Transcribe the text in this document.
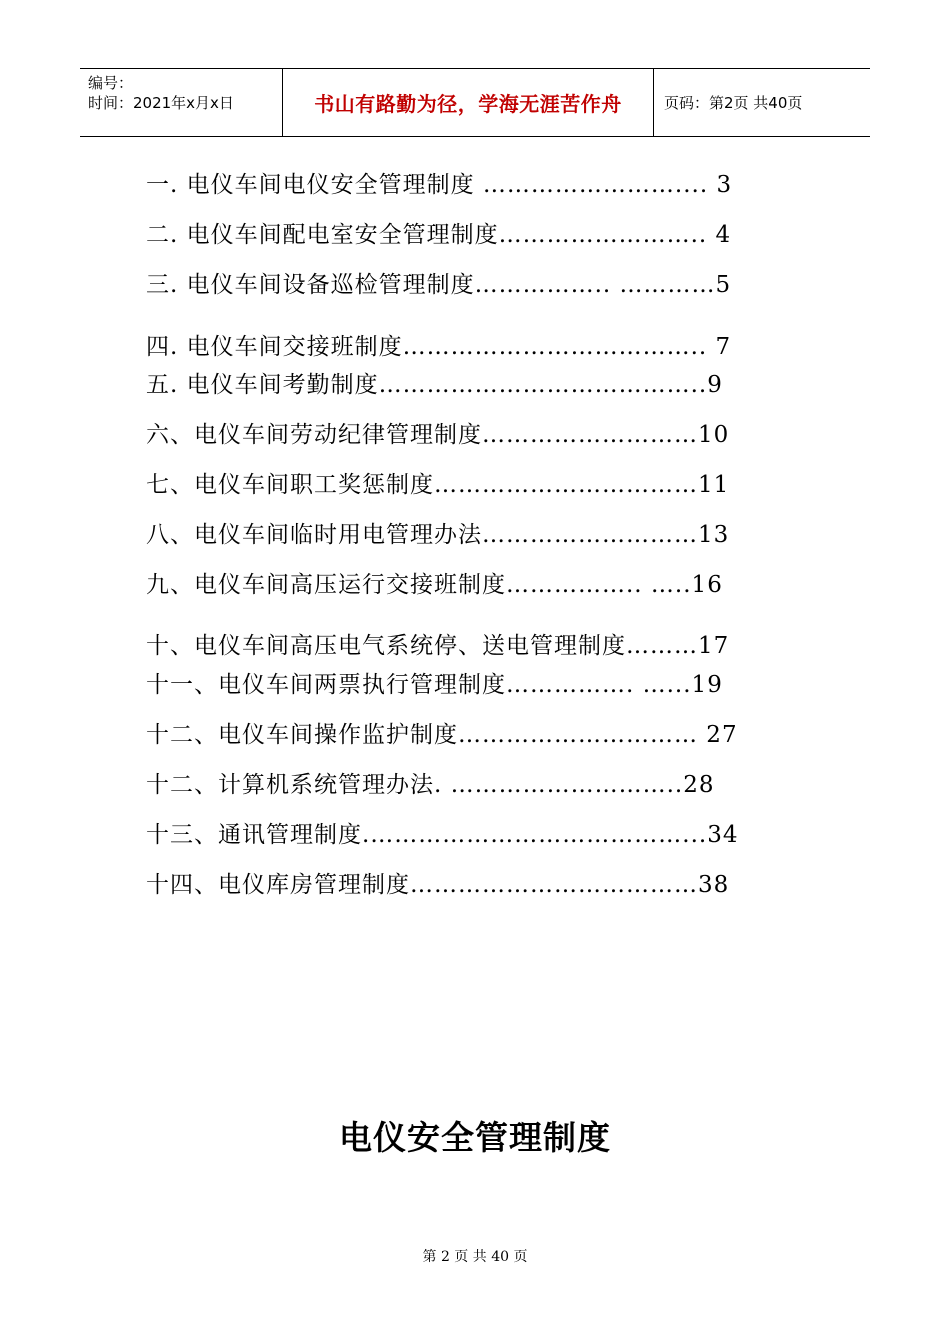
编号：
时间：2021年x月x日	书山有路勤为径，学海无涯苦作舟	页码：第2页 共40页
一. 电仪车间电仪安全管理制度 …………………….... 3
二. 电仪车间配电室安全管理制度…………………….. 4
三. 电仪车间设备巡检管理制度…………….. …………5
四. 电仪车间交接班制度……………………………….. 7
五. 电仪车间考勤制度…………………………………..9
六、电仪车间劳动纪律管理制度………………………10
七、电仪车间职工奖惩制度……………………………11
八、电仪车间临时用电管理办法………………………13
九、电仪车间高压运行交接班制度…………….. …..16
十、电仪车间高压电气系统停、送电管理制度………17
十一、电仪车间两票执行管理制度……………. …...19
十二、电仪车间操作监护制度………………………… 27
十二、计算机系统管理办法. ………………………..28
十三、通讯管理制度.…………………………………...34
十四、电仪库房管理制度………………………………38
电仪安全管理制度
第 2 页 共 40 页
